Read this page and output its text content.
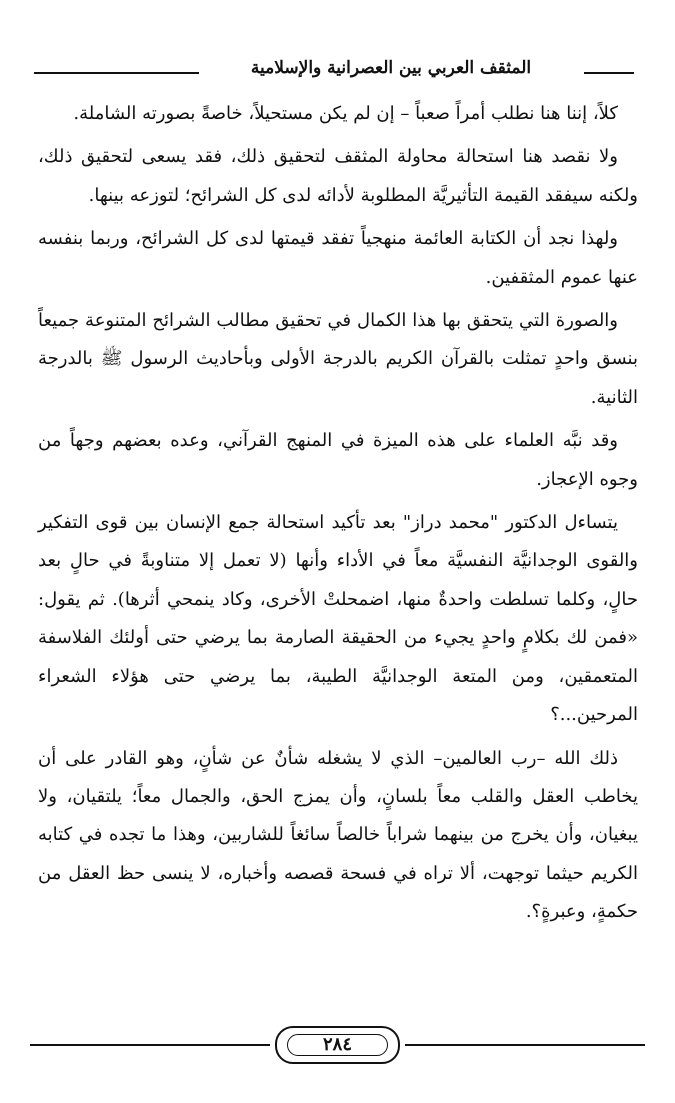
المثقف العربي بين العصرانية والإسلامية

كلاً، إننا هنا نطلب أمراً صعباً – إن لم يكن مستحيلاً، خاصةً بصورته الشاملة.

ولا نقصد هنا استحالة محاولة المثقف لتحقيق ذلك، فقد يسعى لتحقيق ذلك، ولكنه سيفقد القيمة التأثيريَّة المطلوبة لأدائه لدى كل الشرائح؛ لتوزعه بينها.

ولهذا نجد أن الكتابة العائمة منهجياً تفقد قيمتها لدى كل الشرائح، وربما بنفسه عنها عموم المثقفين.

والصورة التي يتحقق بها هذا الكمال في تحقيق مطالب الشرائح المتنوعة جميعاً بنسق واحدٍ تمثلت بالقرآن الكريم بالدرجة الأولى وبأحاديث الرسول ﷺ بالدرجة الثانية.

وقد نبَّه العلماء على هذه الميزة في المنهج القرآني، وعده بعضهم وجهاً من وجوه الإعجاز.

يتساءل الدكتور "محمد دراز" بعد تأكيد استحالة جمع الإنسان بين قوى التفكير والقوى الوجدانيَّة النفسيَّة معاً في الأداء وأنها (لا تعمل إلا متناوبةً في حالٍ بعد حالٍ، وكلما تسلطت واحدةٌ منها، اضمحلتْ الأخرى، وكاد ينمحي أثرها). ثم يقول: «فمن لك بكلامٍ واحدٍ يجيء من الحقيقة الصارمة بما يرضي حتى أولئك الفلاسفة المتعمقين، ومن المتعة الوجدانيَّة الطيبة، بما يرضي حتى هؤلاء الشعراء المرحين...؟

ذلك الله –رب العالمين– الذي لا يشغله شأنٌ عن شأنٍ، وهو القادر على أن يخاطب العقل والقلب معاً بلسانٍ، وأن يمزج الحق، والجمال معاً؛ يلتقيان، ولا يبغيان، وأن يخرج من بينهما شراباً خالصاً سائغاً للشاربين، وهذا ما تجده في كتابه الكريم حيثما توجهت، ألا تراه في فسحة قصصه وأخباره، لا ينسى حظ العقل من حكمةٍ، وعبرةٍ؟.

٢٨٤
